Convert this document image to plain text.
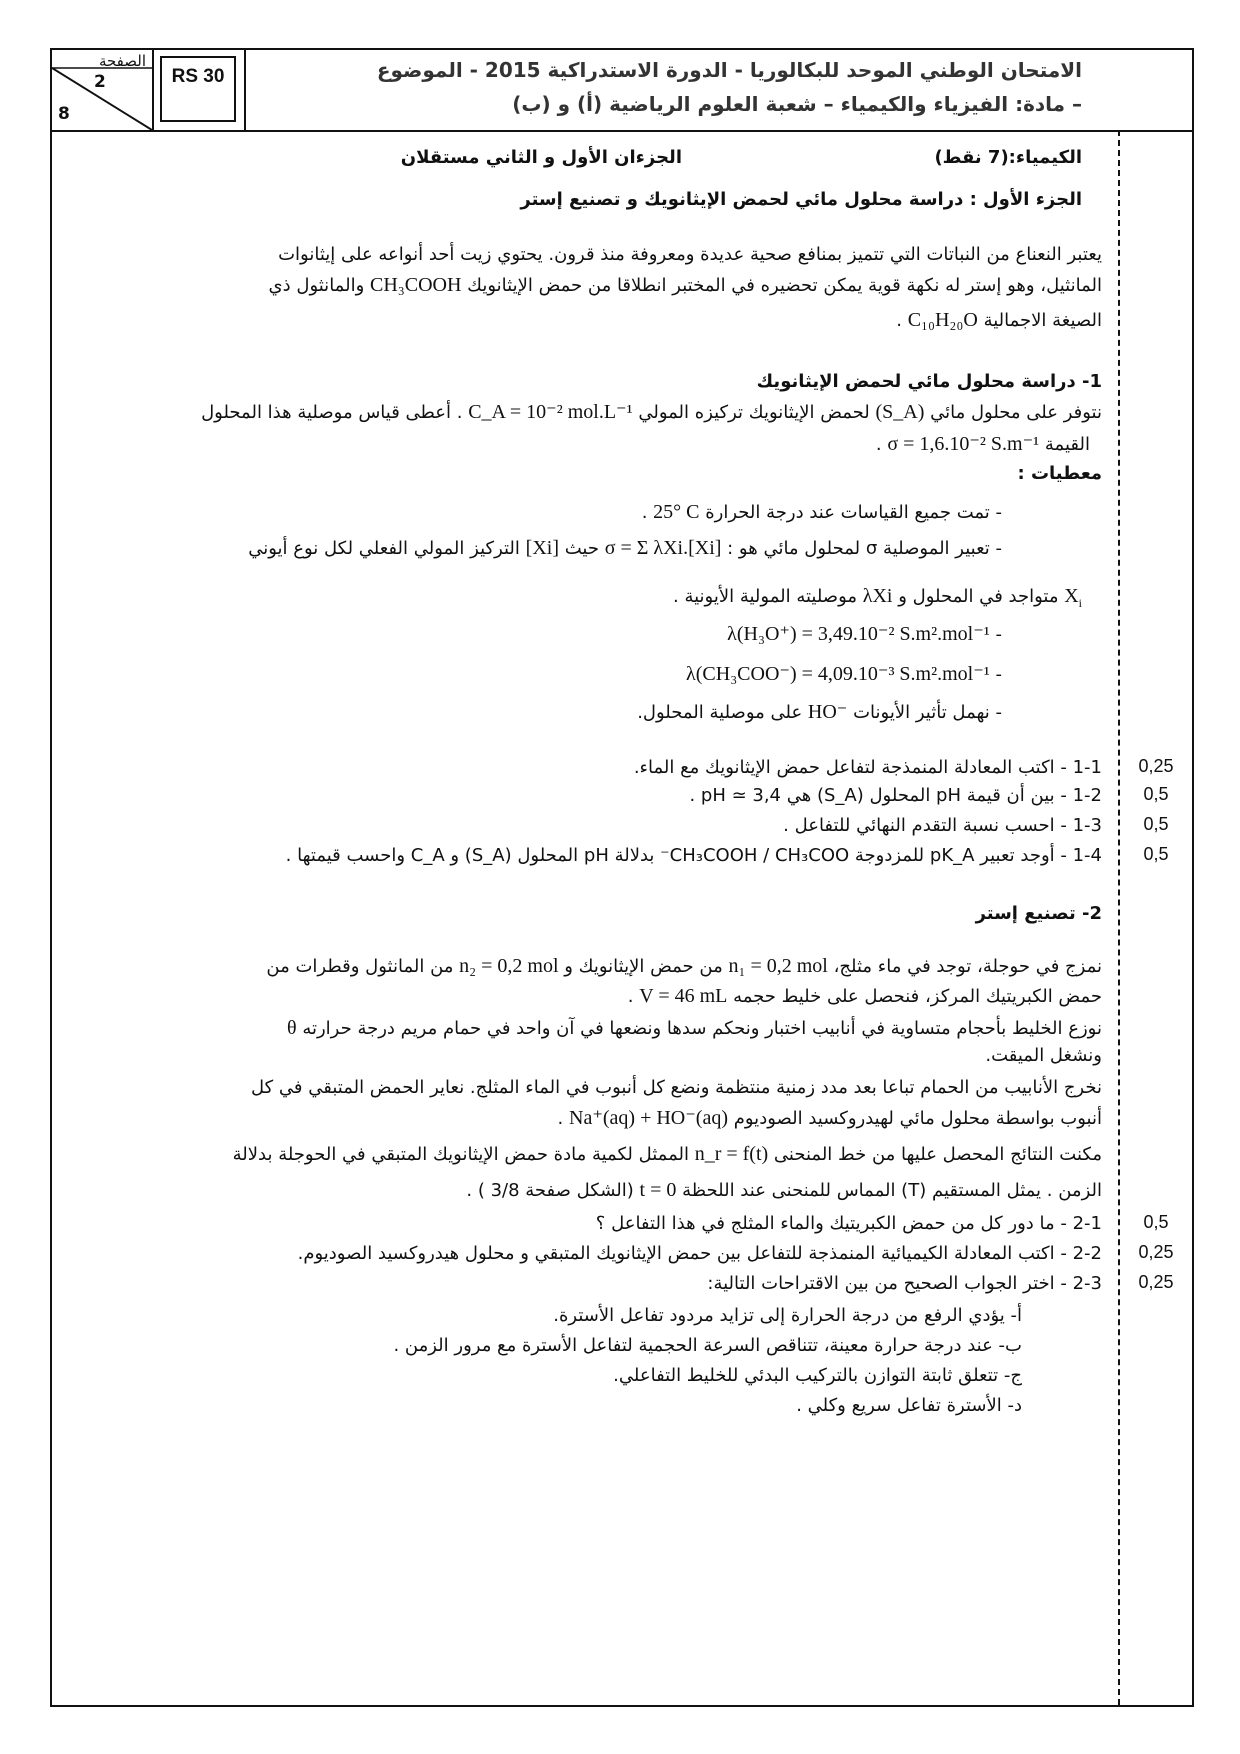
الصفحة
2
8
RS 30	الامتحان الوطني الموحد للبكالوريا - الدورة الاستدراكية 2015 - الموضوع
– مادة: الفيزياء والكيمياء – شعبة العلوم الرياضية (أ) و (ب)
الكيمياء:(7 نقط)
الجزءان الأول و الثاني مستقلان
الجزء الأول : دراسة محلول مائي لحمض الإيثانويك و تصنيع إستر
يعتبر النعناع من النباتات التي تتميز بمنافع صحية عديدة ومعروفة منذ قرون. يحتوي زيت أحد أنواعه على إيثانوات
المانثيل، وهو إستر له نكهة قوية يمكن تحضيره في المختبر انطلاقا من حمض الإيثانويك CH₃COOH والمانثول ذي
الصيغة الاجمالية C₁₀H₂₀O .
1- دراسة محلول مائي لحمض الإيثانويك
نتوفر على محلول مائي (S_A) لحمض الإيثانويك تركيزه المولي C_A = 10⁻² mol.L⁻¹ . أعطى قياس موصلية هذا المحلول
القيمة σ = 1,6.10⁻² S.m⁻¹ .
معطيات :
- تمت جميع القياسات عند درجة الحرارة 25° C .
- تعبير الموصلية σ لمحلول مائي هو : σ = Σ λXi.[Xi] حيث [Xi] التركيز المولي الفعلي لكل نوع أيوني
$X_i$ متواجد في المحلول و λXi موصليته المولية الأيونية .
- λ(H₃O⁺) = 3,49.10⁻² S.m².mol⁻¹
- λ(CH₃COO⁻) = 4,09.10⁻³ S.m².mol⁻¹
- نهمل تأثير الأيونات HO⁻ على موصلية المحلول.
1-1 - اكتب المعادلة المنمذجة لتفاعل حمض الإيثانويك مع الماء.
1-2 - بين أن قيمة pH المحلول (S_A) هي pH ≃ 3,4 .
1-3 - احسب نسبة التقدم النهائي للتفاعل .
1-4 - أوجد تعبير pK_A للمزدوجة CH₃COOH / CH₃COO⁻ بدلالة pH المحلول (S_A) و C_A واحسب قيمتها .
2- تصنيع إستر
نمزج في حوجلة، توجد في ماء مثلج، n₁ = 0,2 mol من حمض الإيثانويك و n₂ = 0,2 mol من المانثول وقطرات من
حمض الكبريتيك المركز، فنحصل على خليط حجمه V = 46 mL .
نوزع الخليط بأحجام متساوية في أنابيب اختبار ونحكم سدها ونضعها في آن واحد في حمام مريم درجة حرارته θ
ونشغل الميقت.
نخرج الأنابيب من الحمام تباعا بعد مدد زمنية منتظمة ونضع كل أنبوب في الماء المثلج. نعاير الحمض المتبقي في كل
أنبوب بواسطة محلول مائي لهيدروكسيد الصوديوم Na⁺(aq) + HO⁻(aq) .
مكنت النتائج المحصل عليها من خط المنحنى n_r = f(t) الممثل لكمية مادة حمض الإيثانويك المتبقي في الحوجلة بدلالة
الزمن . يمثل المستقيم (T) المماس للمنحنى عند اللحظة t = 0 (الشكل صفحة 3/8 ) .
2-1 - ما دور كل من حمض الكبريتيك والماء المثلج في هذا التفاعل ؟
2-2 - اكتب المعادلة الكيميائية المنمذجة للتفاعل بين حمض الإيثانويك المتبقي و محلول هيدروكسيد الصوديوم.
2-3 - اختر الجواب الصحيح من بين الاقتراحات التالية:
أ- يؤدي الرفع من درجة الحرارة إلى تزايد مردود تفاعل الأسترة.
ب- عند درجة حرارة معينة، تتناقص السرعة الحجمية لتفاعل الأسترة مع مرور الزمن .
ج- تتعلق ثابتة التوازن بالتركيب البدئي للخليط التفاعلي.
د- الأسترة تفاعل سريع وكلي .
0,25
0,5
0,5
0,5
0,5
0,25
0,25
